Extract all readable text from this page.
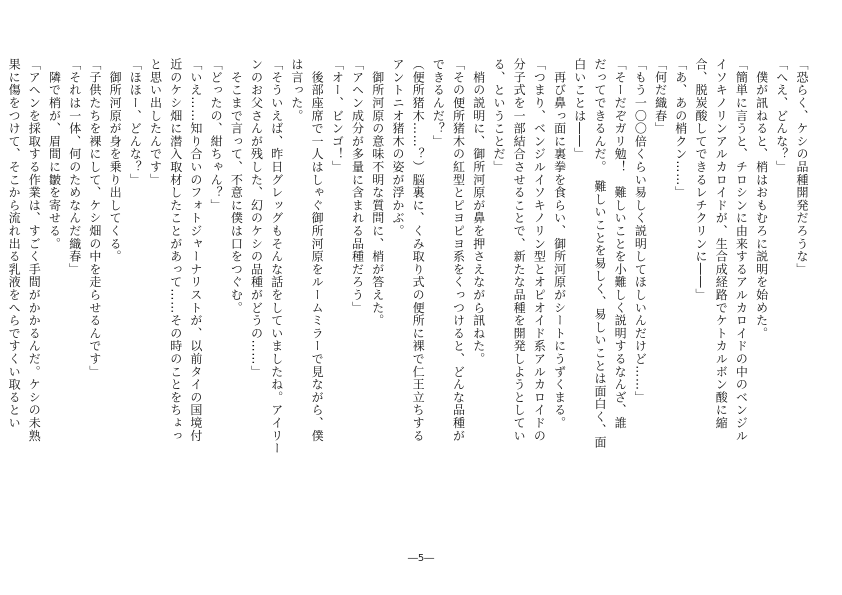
「恐らく、ケシの品種開発だろうな」
「へえ、どんな？」
　僕が訊ねると、梢はおもむろに説明を始めた。
「簡単に言うと、チロシンに由来するアルカロイドの中のベンジル
イソキノリンアルカロイドが、生合成経路でケトカルボン酸に縮
合、脱炭酸してできるレチクリンに――」
「あ、あの梢クン……」
「何だ織春」
「もう一〇〇倍くらい易しく説明してほしいんだけど……」
「そーだぞガリ勉！　難しいことを小難しく説明するなんざ、誰
だってできるんだ。　難しいことを易しく、易しいことは面白く、面
白いことは――」
　再び鼻っ面に裏拳を食らい、御所河原がシートにうずくまる。
「つまり、ベンジルイソキノリン型とオピオイド系アルカロイドの
分子式を一部結合させることで、新たな品種を開発しようとしてい
る、ということだ」
　梢の説明に、御所河原が鼻を押さえながら訊ねた。
「その便所猪木の紅型とピヨピヨ系をくっつけると、どんな品種が
できるんだ？」
（便所猪木……？）脳裏に、くみ取り式の便所に裸で仁王立ちする
アントニオ猪木の姿が浮かぶ。
　御所河原の意味不明な質問に、梢が答えた。
「アヘン成分が多量に含まれる品種だろう」
「オー、ビンゴ！」
　後部座席で一人はしゃぐ御所河原をルームミラーで見ながら、僕
は言った。
「そういえば、昨日グレッグもそんな話をしていましたね。アイリー
ンのお父さんが残した、幻のケシの品種がどうの……」
　そこまで言って、不意に僕は口をつぐむ。
「どったの、紺ちゃん？」
「いえ……知り合いのフォトジャーナリストが、以前タイの国境付
近のケシ畑に潜入取材したことがあって……その時のことをちょっ
と思い出したんです」
「ほほー、どんな？」
　御所河原が身を乗り出してくる。
「子供たちを裸にして、ケシ畑の中を走らせるんです」
「それは一体、何のためなんだ織春」
　隣で梢が、眉間に皺を寄せる。
「アヘンを採取する作業は、すごく手間がかかるんだ。ケシの未熟
果に傷をつけて、そこから流れ出る乳液をへらですくい取るとい
―5―
